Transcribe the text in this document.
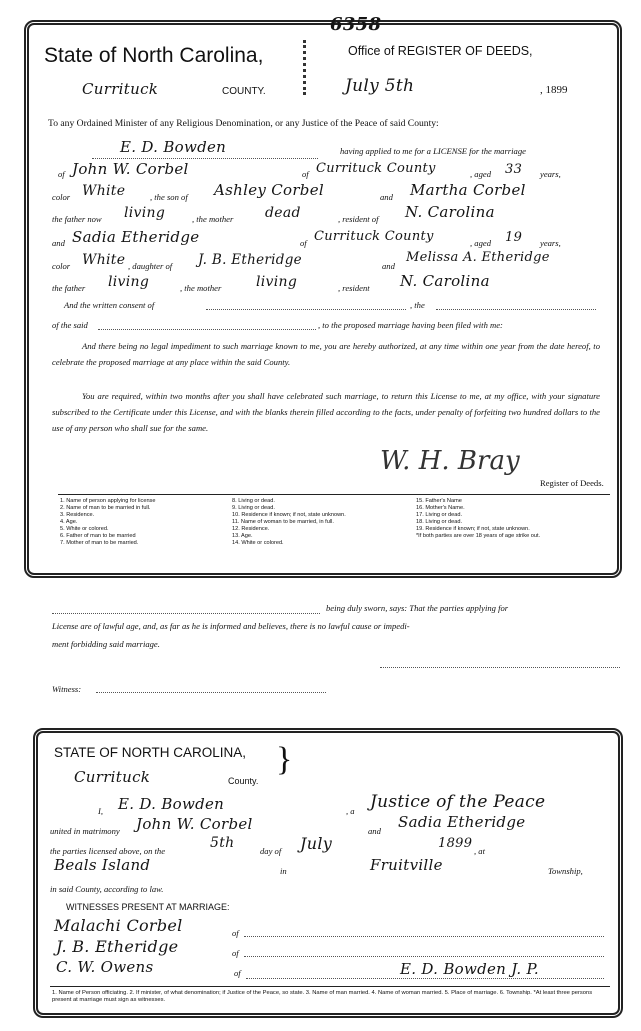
6358
State of North Carolina,	Office of REGISTER OF DEEDS,
Currituck	COUNTY.	July 5th	, 1899
To any Ordained Minister of any Religious Denomination, or any Justice of the Peace of said County:
E. D. Bowden	having applied to me for a LICENSE for the marriage
of John W. Corbel	of Currituck County	, aged 33 years,
color White	, the son of Ashley Corbel	and Martha Corbel
the father now living	, the mother dead	, resident of N. Carolina
and Sadia Etheridge	of Currituck County	, aged 19 years,
color White , daughter of J. B. Etheridge	and
Melissa A. Etheridge
the father living	, the mother living	, resident N. Carolina
And the written consent of	, the
of the said	, to the proposed marriage having been filed with me:
And there being no legal impediment to such marriage known to me, you are hereby authorized, at any time within one year from the date hereof, to celebrate the proposed marriage at any place within the said County.
You are required, within two months after you shall have celebrated such marriage, to return this License to me, at my office, with your signature subscribed to the Certificate under this License, and with the blanks therein filled according to the facts, under penalty of forfeiting two hundred dollars to the use of any person who shall sue for the same.
W. H. Bray
Register of Deeds.
1. Name of person applying for license
2. Name of man to be married in full.
3. Residence.
4. Age.
5. White or colored.
6. Father of man to be married
7. Mother of man to be married.
8. Living or dead.
9. Living or dead.
10. Residence if known; if not, state unknown.
11. Name of woman to be married, in full.
12. Residence.
13. Age.
14. White or colored.
15. Father's Name
16. Mother's Name.
17. Living or dead.
18. Living or dead.
19. Residence if known; if not, state unknown.
*If both parties are over 18 years of age strike out.
being duly sworn, says: That the parties applying for
License are of lawful age, and, as far as he is informed and believes, there is no lawful cause or impedi-
ment forbidding said marriage.
Witness:
STATE OF NORTH CAROLINA, }
Currituck	County.
I, E. D. Bowden	, a Justice of the Peace
united in matrimony John W. Corbel	and Sadia Etheridge
the parties licensed above, on the	5th	day of July	1899 , at
Beals Island	in	Fruitville	Township,
in said County, according to law.
WITNESSES PRESENT AT MARRIAGE:
Malachi Corbel	of
J. B. Etheridge	of
C. W. Owens	of	E. D. Bowden J. P.
1. Name of Person officiating. 2. If minister, of what denomination; if Justice of the Peace, so state. 3. Name of man married. 4. Name of woman married. 5. Place of marriage. 6. Township. *At least three persons present at marriage must sign as witnesses.
